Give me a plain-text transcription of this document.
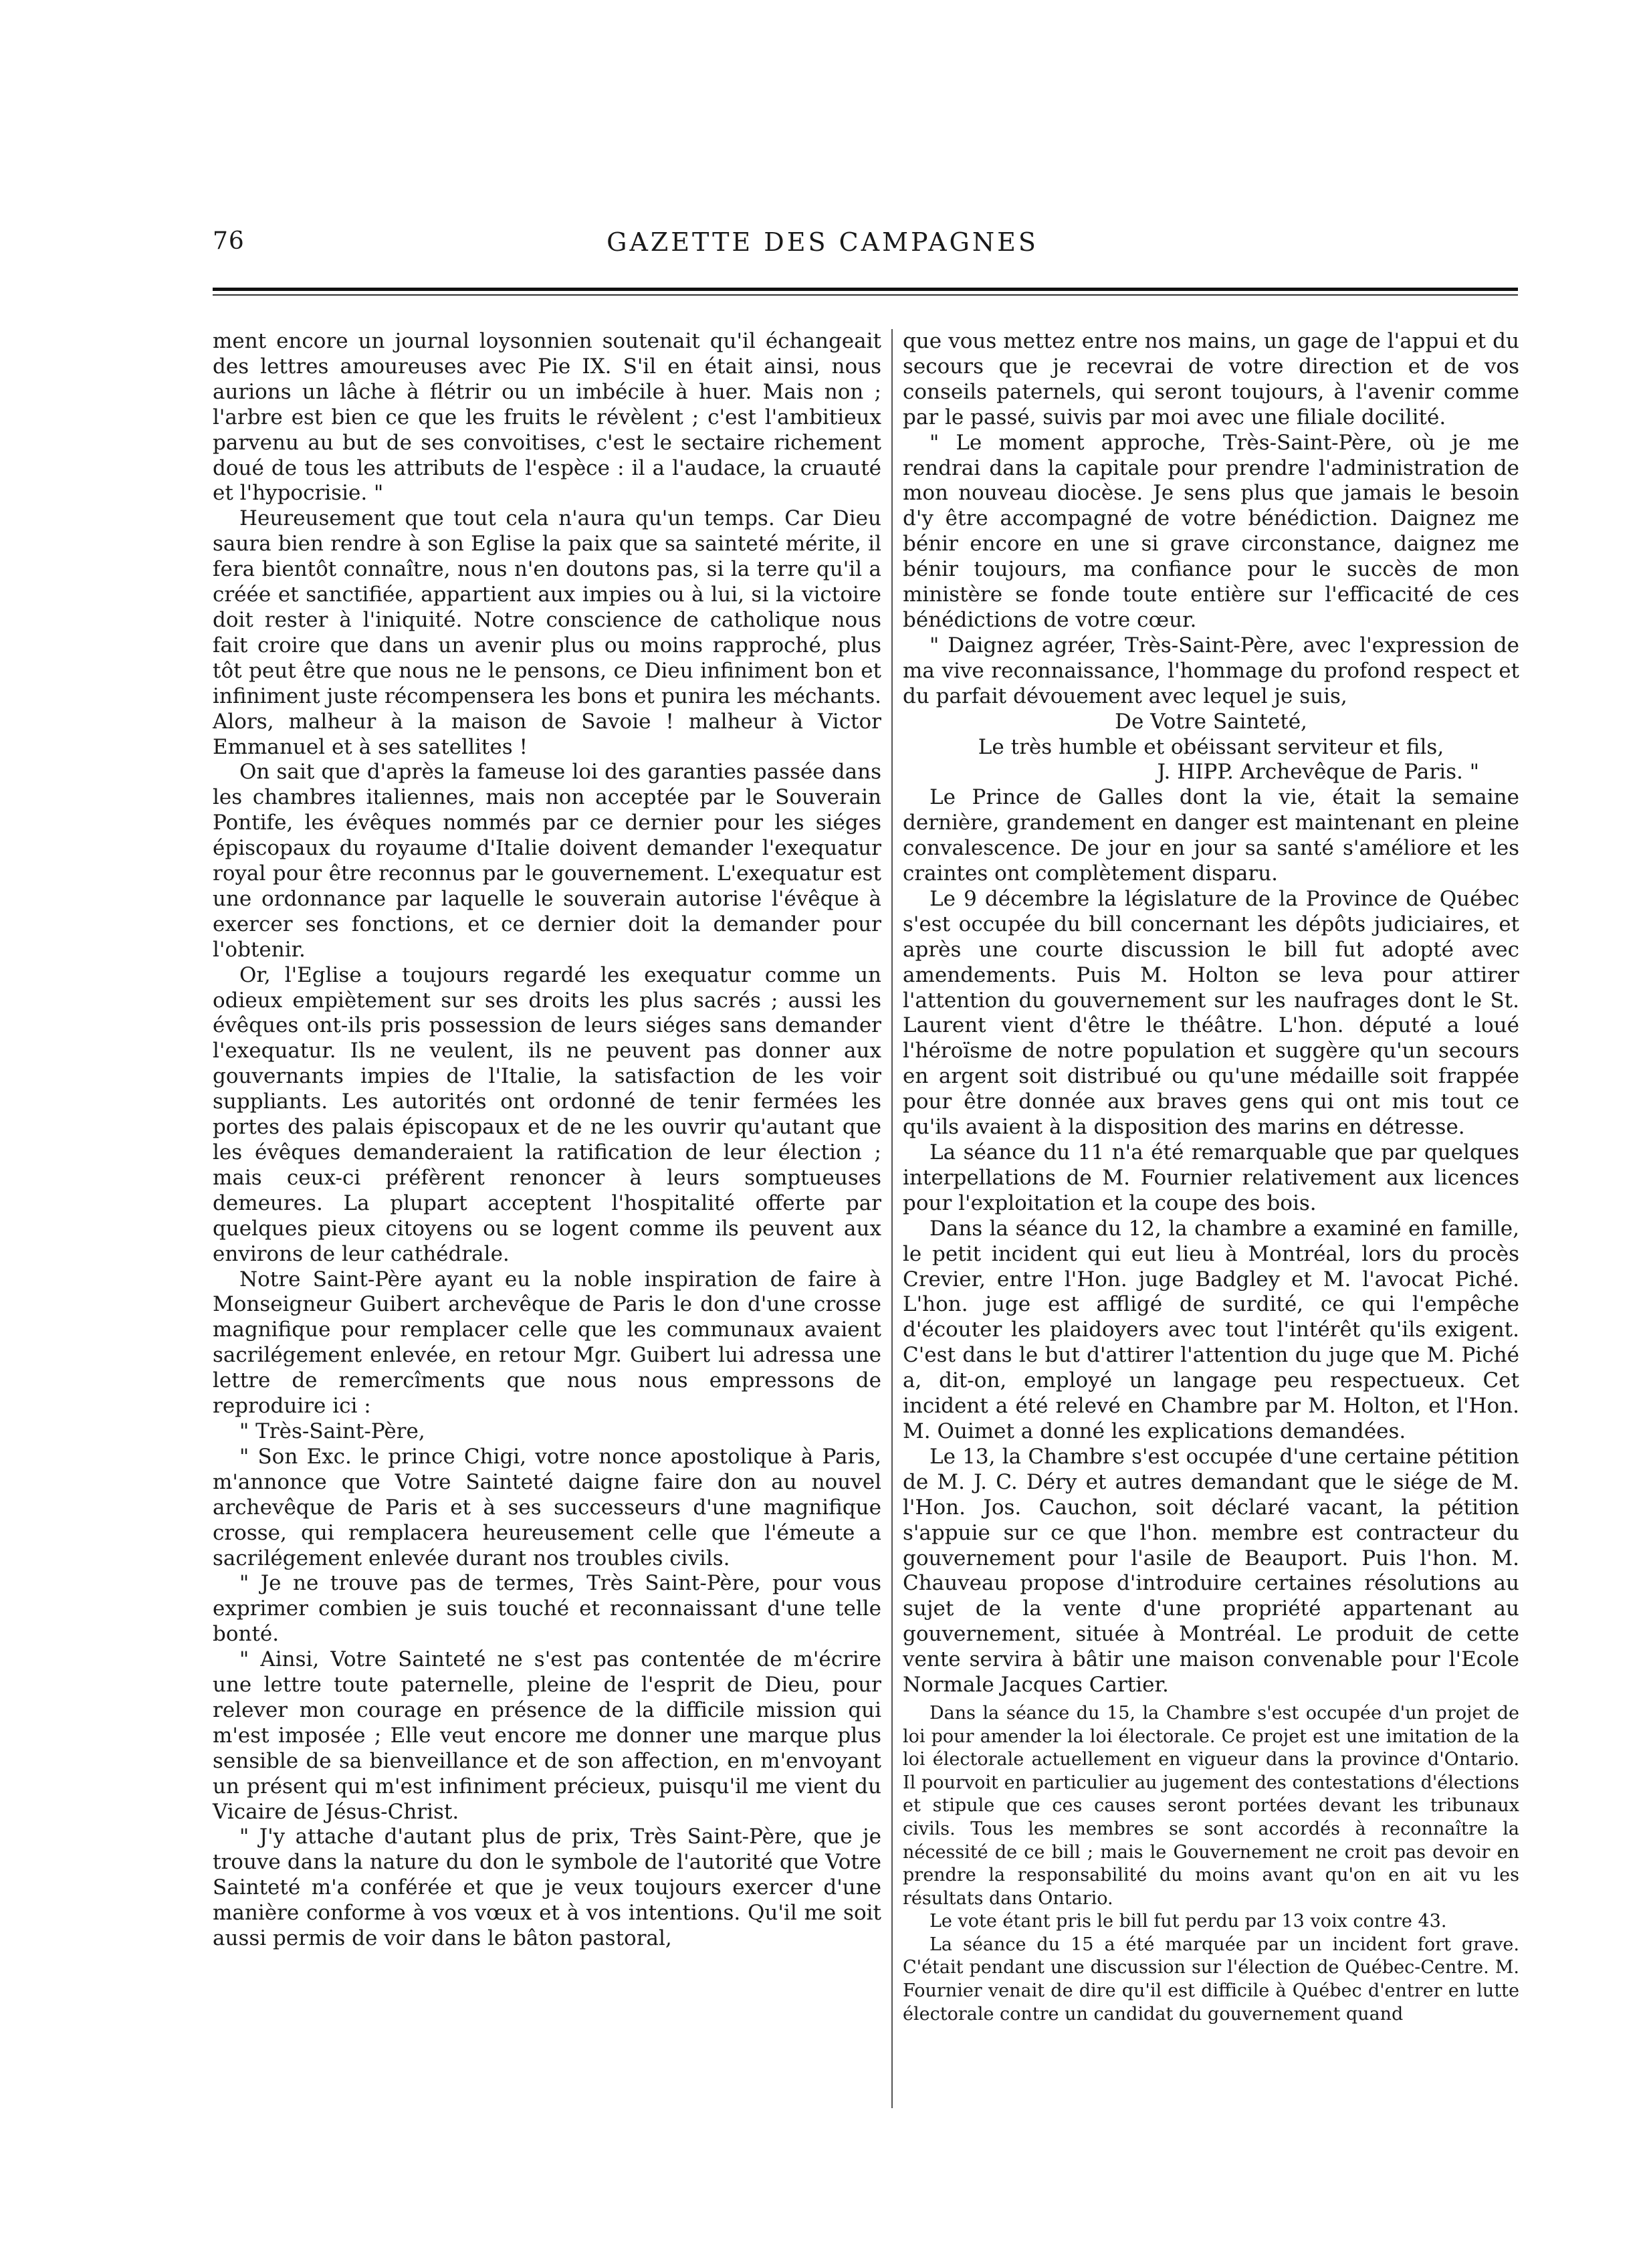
76	GAZETTE DES CAMPAGNES

ment encore un journal loysonnien soutenait qu'il échangeait des lettres amoureuses avec Pie IX. S'il en était ainsi, nous aurions un lâche à flétrir ou un imbécile à huer. Mais non ; l'arbre est bien ce que les fruits le révèlent ; c'est l'ambitieux parvenu au but de ses convoitises, c'est le sectaire richement doué de tous les attributs de l'espèce : il a l'audace, la cruauté et l'hypocrisie. "

Heureusement que tout cela n'aura qu'un temps. Car Dieu saura bien rendre à son Eglise la paix que sa sainteté mérite, il fera bientôt connaître, nous n'en doutons pas, si la terre qu'il a créée et sanctifiée, appartient aux impies ou à lui, si la victoire doit rester à l'iniquité. Notre conscience de catholique nous fait croire que dans un avenir plus ou moins rapproché, plus tôt peut être que nous ne le pensons, ce Dieu infiniment bon et infiniment juste récompensera les bons et punira les méchants. Alors, malheur à la maison de Savoie ! malheur à Victor Emmanuel et à ses satellites !

On sait que d'après la fameuse loi des garanties passée dans les chambres italiennes, mais non acceptée par le Souverain Pontife, les évêques nommés par ce dernier pour les siéges épiscopaux du royaume d'Italie doivent demander l'exequatur royal pour être reconnus par le gouvernement. L'exequatur est une ordonnance par laquelle le souverain autorise l'évêque à exercer ses fonctions, et ce dernier doit la demander pour l'obtenir.

Or, l'Eglise a toujours regardé les exequatur comme un odieux empiètement sur ses droits les plus sacrés ; aussi les évêques ont-ils pris possession de leurs siéges sans demander l'exequatur. Ils ne veulent, ils ne peuvent pas donner aux gouvernants impies de l'Italie, la satisfaction de les voir suppliants. Les autorités ont ordonné de tenir fermées les portes des palais épiscopaux et de ne les ouvrir qu'autant que les évêques demanderaient la ratification de leur élection ; mais ceux-ci préfèrent renoncer à leurs somptueuses demeures. La plupart acceptent l'hospitalité offerte par quelques pieux citoyens ou se logent comme ils peuvent aux environs de leur cathédrale.

Notre Saint-Père ayant eu la noble inspiration de faire à Monseigneur Guibert archevêque de Paris le don d'une crosse magnifique pour remplacer celle que les communaux avaient sacrilégement enlevée, en retour Mgr. Guibert lui adressa une lettre de remercîments que nous nous empressons de reproduire ici :

" Très-Saint-Père,

" Son Exc. le prince Chigi, votre nonce apostolique à Paris, m'annonce que Votre Sainteté daigne faire don au nouvel archevêque de Paris et à ses successeurs d'une magnifique crosse, qui remplacera heureusement celle que l'émeute a sacrilégement enlevée durant nos troubles civils.

" Je ne trouve pas de termes, Très Saint-Père, pour vous exprimer combien je suis touché et reconnaissant d'une telle bonté.

" Ainsi, Votre Sainteté ne s'est pas contentée de m'écrire une lettre toute paternelle, pleine de l'esprit de Dieu, pour relever mon courage en présence de la difficile mission qui m'est imposée ; Elle veut encore me donner une marque plus sensible de sa bienveillance et de son affection, en m'envoyant un présent qui m'est infiniment précieux, puisqu'il me vient du Vicaire de Jésus-Christ.

" J'y attache d'autant plus de prix, Très Saint-Père, que je trouve dans la nature du don le symbole de l'autorité que Votre Sainteté m'a conférée et que je veux toujours exercer d'une manière conforme à vos vœux et à vos intentions. Qu'il me soit aussi permis de voir dans le bâton pastoral,

que vous mettez entre nos mains, un gage de l'appui et du secours que je recevrai de votre direction et de vos conseils paternels, qui seront toujours, à l'avenir comme par le passé, suivis par moi avec une filiale docilité.

" Le moment approche, Très-Saint-Père, où je me rendrai dans la capitale pour prendre l'administration de mon nouveau diocèse. Je sens plus que jamais le besoin d'y être accompagné de votre bénédiction. Daignez me bénir encore en une si grave circonstance, daignez me bénir toujours, ma confiance pour le succès de mon ministère se fonde toute entière sur l'efficacité de ces bénédictions de votre cœur.

" Daignez agréer, Très-Saint-Père, avec l'expression de ma vive reconnaissance, l'hommage du profond respect et du parfait dévouement avec lequel je suis,

De Votre Sainteté,

Le très humble et obéissant serviteur et fils,

J. HIPP. Archevêque de Paris. "

Le Prince de Galles dont la vie, était la semaine dernière, grandement en danger est maintenant en pleine convalescence. De jour en jour sa santé s'améliore et les craintes ont complètement disparu.

Le 9 décembre la législature de la Province de Québec s'est occupée du bill concernant les dépôts judiciaires, et après une courte discussion le bill fut adopté avec amendements. Puis M. Holton se leva pour attirer l'attention du gouvernement sur les naufrages dont le St. Laurent vient d'être le théâtre. L'hon. député a loué l'héroïsme de notre population et suggère qu'un secours en argent soit distribué ou qu'une médaille soit frappée pour être donnée aux braves gens qui ont mis tout ce qu'ils avaient à la disposition des marins en détresse.

La séance du 11 n'a été remarquable que par quelques interpellations de M. Fournier relativement aux licences pour l'exploitation et la coupe des bois.

Dans la séance du 12, la chambre a examiné en famille, le petit incident qui eut lieu à Montréal, lors du procès Crevier, entre l'Hon. juge Badgley et M. l'avocat Piché. L'hon. juge est affligé de surdité, ce qui l'empêche d'écouter les plaidoyers avec tout l'intérêt qu'ils exigent. C'est dans le but d'attirer l'attention du juge que M. Piché a, dit-on, employé un langage peu respectueux. Cet incident a été relevé en Chambre par M. Holton, et l'Hon. M. Ouimet a donné les explications demandées.

Le 13, la Chambre s'est occupée d'une certaine pétition de M. J. C. Déry et autres demandant que le siége de M. l'Hon. Jos. Cauchon, soit déclaré vacant, la pétition s'appuie sur ce que l'hon. membre est contracteur du gouvernement pour l'asile de Beauport. Puis l'hon. M. Chauveau propose d'introduire certaines résolutions au sujet de la vente d'une propriété appartenant au gouvernement, située à Montréal. Le produit de cette vente servira à bâtir une maison convenable pour l'Ecole Normale Jacques Cartier.

Dans la séance du 15, la Chambre s'est occupée d'un projet de loi pour amender la loi électorale. Ce projet est une imitation de la loi électorale actuellement en vigueur dans la province d'Ontario. Il pourvoit en particulier au jugement des contestations d'élections et stipule que ces causes seront portées devant les tribunaux civils. Tous les membres se sont accordés à reconnaître la nécessité de ce bill ; mais le Gouvernement ne croit pas devoir en prendre la responsabilité du moins avant qu'on en ait vu les résultats dans Ontario.

Le vote étant pris le bill fut perdu par 13 voix contre 43.

La séance du 15 a été marquée par un incident fort grave. C'était pendant une discussion sur l'élection de Québec-Centre. M. Fournier venait de dire qu'il est difficile à Québec d'entrer en lutte électorale contre un candidat du gouvernement quand
